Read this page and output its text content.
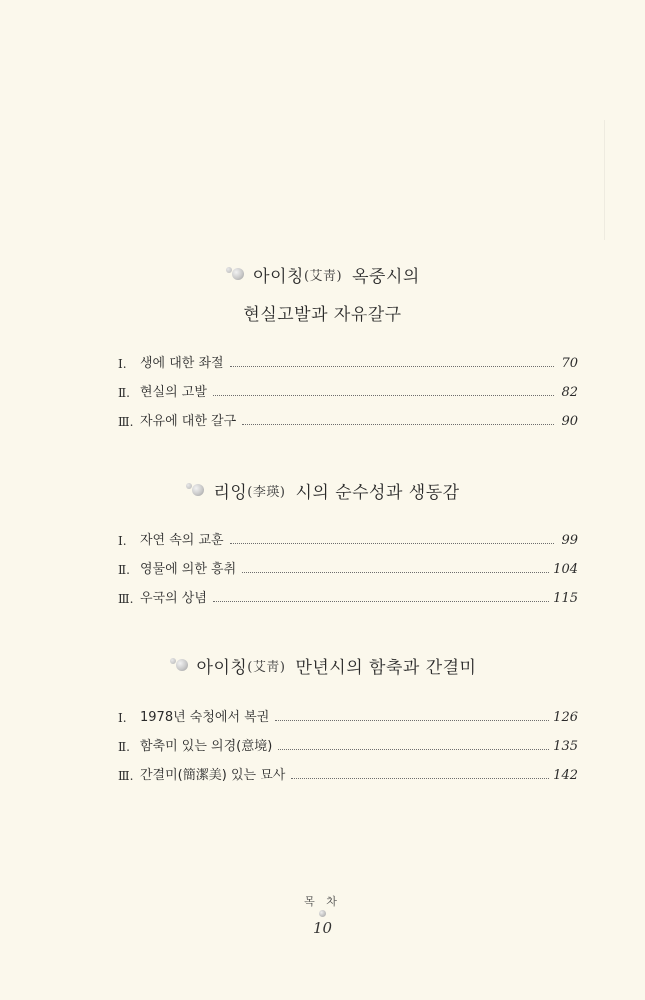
아이칭 (艾靑) 옥중시의
현실고발과 자유갈구
Ⅰ.	생에 대한 좌절	70
Ⅱ. 현실의 고발	82
Ⅲ. 자유에 대한 갈구	90
리잉 (李瑛) 시의 순수성과 생동감
Ⅰ.	자연 속의 교훈	99
Ⅱ. 영물에 의한 흥취	104
Ⅲ. 우국의 상념	115
아이칭 (艾靑) 만년시의 함축과 간결미
Ⅰ.	1978년 숙청에서 복권	126
Ⅱ. 함축미 있는 의경(意境)	135
Ⅲ. 간결미(簡潔美) 있는 묘사	142
목 차
10
